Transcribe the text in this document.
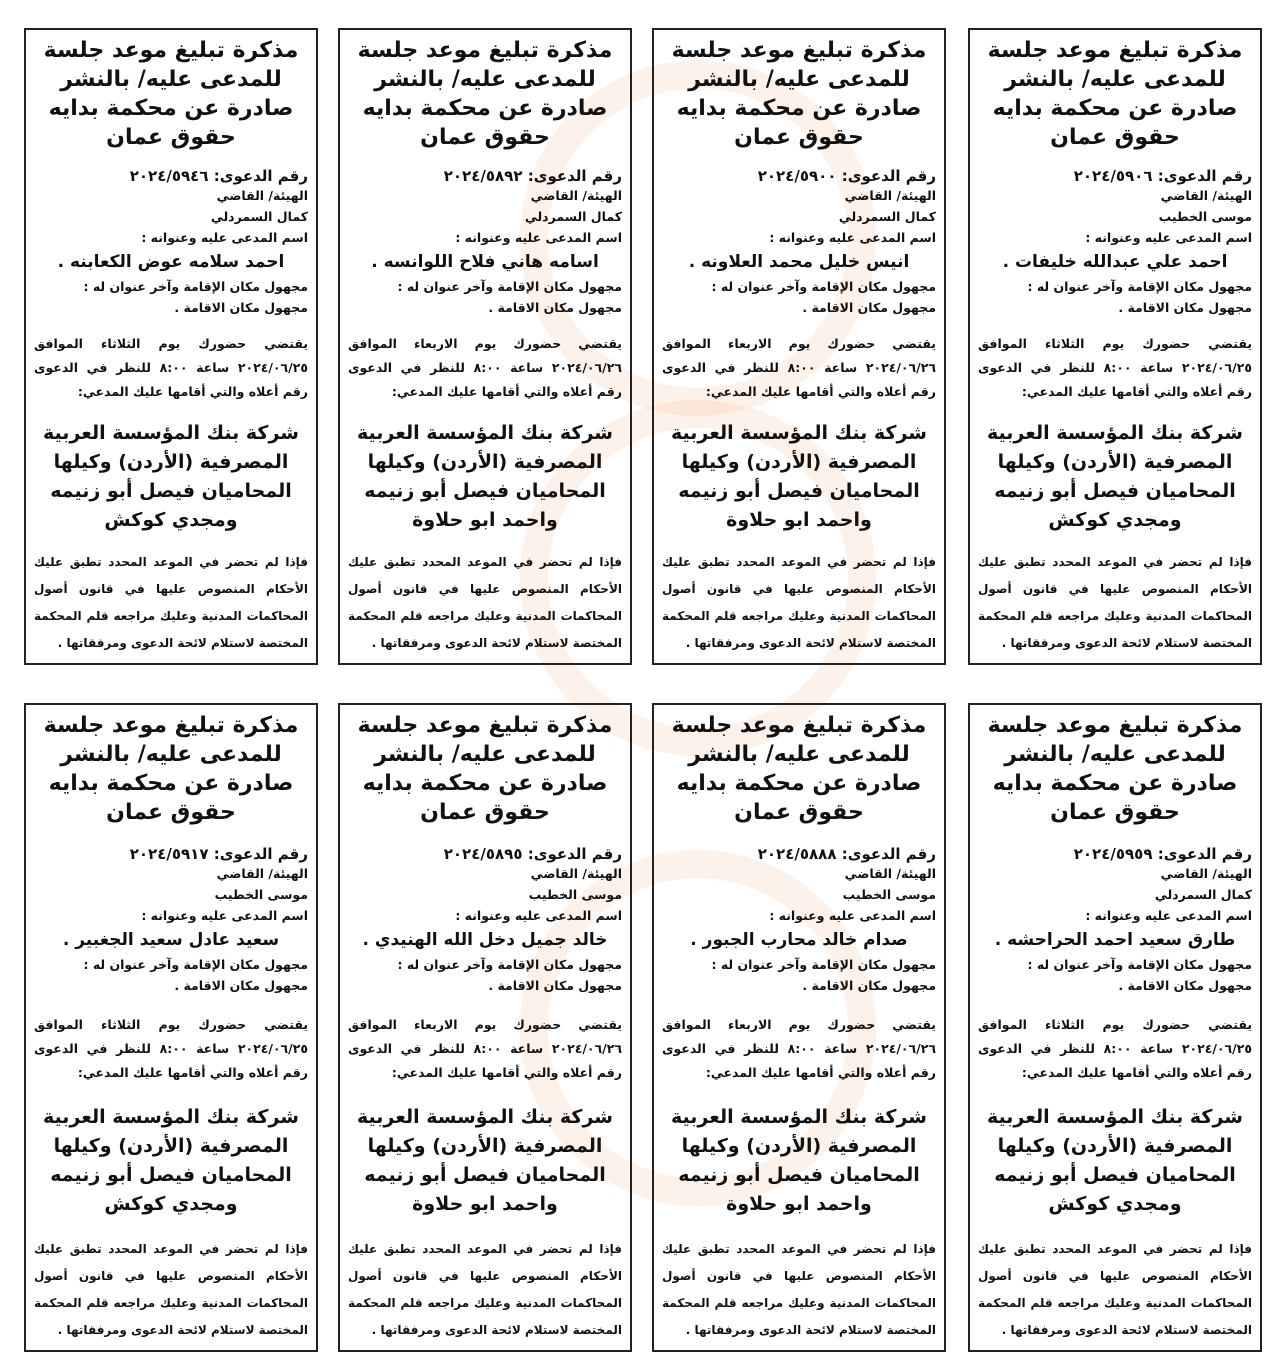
مذكرة تبليغ موعد جلسة للمدعى عليه/ بالنشر صادرة عن محكمة بدايه حقوق عمان
رقم الدعوى: ٢٠٢٤/٥٩٠٦
الهيئة/ القاضي
موسى الخطيب
اسم المدعى عليه وعنوانه :
احمد علي عبدالله خليفات .
مجهول مكان الإقامة وآخر عنوان له :
مجهول مكان الاقامة .
يقتضي حضورك يوم الثلاثاء الموافق ٢٠٢٤/٠٦/٢٥ ساعة ٨:٠٠ للنظر في الدعوى رقم أعلاه والتي أقامها عليك المدعي:
شركة بنك المؤسسة العربية المصرفية (الأردن) وكيلها المحاميان فيصل أبو زنيمه ومجدي كوكش
فإذا لم تحضر في الموعد المحدد تطبق عليك الأحكام المنصوص عليها في قانون أصول المحاكمات المدنية وعليك مراجعه قلم المحكمة المختصة لاستلام لائحة الدعوى ومرفقاتها .
مذكرة تبليغ موعد جلسة للمدعى عليه/ بالنشر صادرة عن محكمة بدايه حقوق عمان
رقم الدعوى: ٢٠٢٤/٥٩٠٠
الهيئة/ القاضي
كمال السمردلي
اسم المدعى عليه وعنوانه :
انيس خليل محمد العلاونه .
مجهول مكان الإقامة وآخر عنوان له :
مجهول مكان الاقامة .
يقتضي حضورك يوم الاربعاء الموافق ٢٠٢٤/٠٦/٢٦ ساعة ٨:٠٠ للنظر في الدعوى رقم أعلاه والتي أقامها عليك المدعي:
شركة بنك المؤسسة العربية المصرفية (الأردن) وكيلها المحاميان فيصل أبو زنيمه واحمد ابو حلاوة
فإذا لم تحضر في الموعد المحدد تطبق عليك الأحكام المنصوص عليها في قانون أصول المحاكمات المدنية وعليك مراجعه قلم المحكمة المختصة لاستلام لائحة الدعوى ومرفقاتها .
مذكرة تبليغ موعد جلسة للمدعى عليه/ بالنشر صادرة عن محكمة بدايه حقوق عمان
رقم الدعوى: ٢٠٢٤/٥٨٩٢
الهيئة/ القاضي
كمال السمردلي
اسم المدعى عليه وعنوانه :
اسامه هاني فلاح اللوانسه .
مجهول مكان الإقامة وآخر عنوان له :
مجهول مكان الاقامة .
يقتضي حضورك يوم الاربعاء الموافق ٢٠٢٤/٠٦/٢٦ ساعة ٨:٠٠ للنظر في الدعوى رقم أعلاه والتي أقامها عليك المدعي:
شركة بنك المؤسسة العربية المصرفية (الأردن) وكيلها المحاميان فيصل أبو زنيمه واحمد ابو حلاوة
فإذا لم تحضر في الموعد المحدد تطبق عليك الأحكام المنصوص عليها في قانون أصول المحاكمات المدنية وعليك مراجعه قلم المحكمة المختصة لاستلام لائحة الدعوى ومرفقاتها .
مذكرة تبليغ موعد جلسة للمدعى عليه/ بالنشر صادرة عن محكمة بدايه حقوق عمان
رقم الدعوى: ٢٠٢٤/٥٩٤٦
الهيئة/ القاضي
كمال السمردلي
اسم المدعى عليه وعنوانه :
احمد سلامه عوض الكعابنه .
مجهول مكان الإقامة وآخر عنوان له :
مجهول مكان الاقامة .
يقتضي حضورك يوم الثلاثاء الموافق ٢٠٢٤/٠٦/٢٥ ساعة ٨:٠٠ للنظر في الدعوى رقم أعلاه والتي أقامها عليك المدعي:
شركة بنك المؤسسة العربية المصرفية (الأردن) وكيلها المحاميان فيصل أبو زنيمه ومجدي كوكش
فإذا لم تحضر في الموعد المحدد تطبق عليك الأحكام المنصوص عليها في قانون أصول المحاكمات المدنية وعليك مراجعه قلم المحكمة المختصة لاستلام لائحة الدعوى ومرفقاتها .
مذكرة تبليغ موعد جلسة للمدعى عليه/ بالنشر صادرة عن محكمة بدايه حقوق عمان
رقم الدعوى: ٢٠٢٤/٥٩٥٩
الهيئة/ القاضي
كمال السمردلي
اسم المدعى عليه وعنوانه :
طارق سعيد احمد الحراحشه .
مجهول مكان الإقامة وآخر عنوان له :
مجهول مكان الاقامة .
يقتضي حضورك يوم الثلاثاء الموافق ٢٠٢٤/٠٦/٢٥ ساعة ٨:٠٠ للنظر في الدعوى رقم أعلاه والتي أقامها عليك المدعي:
شركة بنك المؤسسة العربية المصرفية (الأردن) وكيلها المحاميان فيصل أبو زنيمه ومجدي كوكش
فإذا لم تحضر في الموعد المحدد تطبق عليك الأحكام المنصوص عليها في قانون أصول المحاكمات المدنية وعليك مراجعه قلم المحكمة المختصة لاستلام لائحة الدعوى ومرفقاتها .
مذكرة تبليغ موعد جلسة للمدعى عليه/ بالنشر صادرة عن محكمة بدايه حقوق عمان
رقم الدعوى: ٢٠٢٤/٥٨٨٨
الهيئة/ القاضي
موسى الخطيب
اسم المدعى عليه وعنوانه :
صدام خالد محارب الجبور .
مجهول مكان الإقامة وآخر عنوان له :
مجهول مكان الاقامة .
يقتضي حضورك يوم الاربعاء الموافق ٢٠٢٤/٠٦/٢٦ ساعة ٨:٠٠ للنظر في الدعوى رقم أعلاه والتي أقامها عليك المدعي:
شركة بنك المؤسسة العربية المصرفية (الأردن) وكيلها المحاميان فيصل أبو زنيمه واحمد ابو حلاوة
فإذا لم تحضر في الموعد المحدد تطبق عليك الأحكام المنصوص عليها في قانون أصول المحاكمات المدنية وعليك مراجعه قلم المحكمة المختصة لاستلام لائحة الدعوى ومرفقاتها .
مذكرة تبليغ موعد جلسة للمدعى عليه/ بالنشر صادرة عن محكمة بدايه حقوق عمان
رقم الدعوى: ٢٠٢٤/٥٨٩٥
الهيئة/ القاضي
موسى الخطيب
اسم المدعى عليه وعنوانه :
خالد جميل دخل الله الهنيدي .
مجهول مكان الإقامة وآخر عنوان له :
مجهول مكان الاقامة .
يقتضي حضورك يوم الاربعاء الموافق ٢٠٢٤/٠٦/٢٦ ساعة ٨:٠٠ للنظر في الدعوى رقم أعلاه والتي أقامها عليك المدعي:
شركة بنك المؤسسة العربية المصرفية (الأردن) وكيلها المحاميان فيصل أبو زنيمه واحمد ابو حلاوة
فإذا لم تحضر في الموعد المحدد تطبق عليك الأحكام المنصوص عليها في قانون أصول المحاكمات المدنية وعليك مراجعه قلم المحكمة المختصة لاستلام لائحة الدعوى ومرفقاتها .
مذكرة تبليغ موعد جلسة للمدعى عليه/ بالنشر صادرة عن محكمة بدايه حقوق عمان
رقم الدعوى: ٢٠٢٤/٥٩١٧
الهيئة/ القاضي
موسى الخطيب
اسم المدعى عليه وعنوانه :
سعيد عادل سعيد الجغبير .
مجهول مكان الإقامة وآخر عنوان له :
مجهول مكان الاقامة .
يقتضي حضورك يوم الثلاثاء الموافق ٢٠٢٤/٠٦/٢٥ ساعة ٨:٠٠ للنظر في الدعوى رقم أعلاه والتي أقامها عليك المدعي:
شركة بنك المؤسسة العربية المصرفية (الأردن) وكيلها المحاميان فيصل أبو زنيمه ومجدي كوكش
فإذا لم تحضر في الموعد المحدد تطبق عليك الأحكام المنصوص عليها في قانون أصول المحاكمات المدنية وعليك مراجعه قلم المحكمة المختصة لاستلام لائحة الدعوى ومرفقاتها .
